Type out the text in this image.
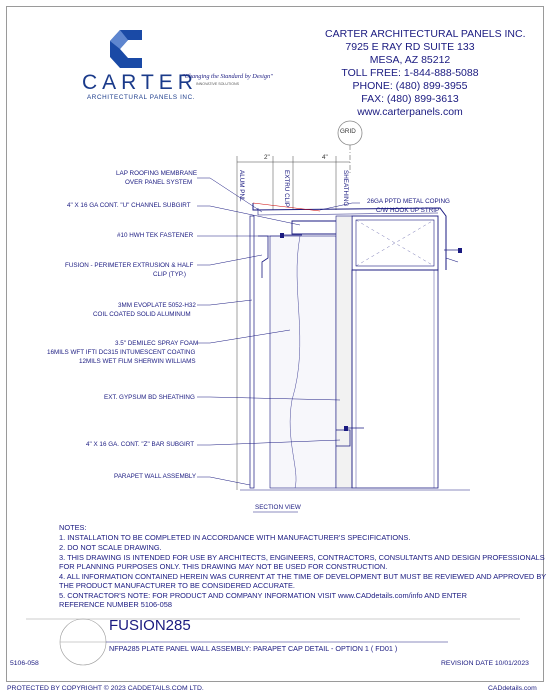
CARTER
ARCHITECTURAL PANELS INC.
"Changing the Standard by Design"
INNOVATIVE SOLUTIONS
CARTER ARCHITECTURAL PANELS INC.
7925 E RAY RD SUITE 133
MESA, AZ 85212
TOLL FREE: 1-844-888-5088
PHONE: (480) 899-3955
FAX: (480) 899-3613
www.carterpanels.com
GRID
2"	4"
ALUM PNL	EXTRU CLIP	SHEATHING
LAP ROOFING MEMBRANE
OVER PANEL SYSTEM
4" X 16 GA CONT. "U" CHANNEL SUBGIRT
#10 HWH TEK FASTENER
FUSION - PERIMETER EXTRUSION & HALF
CLIP (TYP.)
3MM EVOPLATE 5052-H32
COIL COATED SOLID ALUMINUM
3.5" DEMILEC SPRAY FOAM
16MILS WFT IFTI DC315 INTUMESCENT COATING
12MILS WET FILM SHERWIN WILLIAMS
EXT. GYPSUM BD SHEATHING
4" X 16 GA. CONT. "Z" BAR SUBGIRT
PARAPET WALL ASSEMBLY
26GA PPTD METAL COPING
C/W HOOK UP STRIP
SECTION VIEW
NOTES:
1. INSTALLATION TO BE COMPLETED IN ACCORDANCE WITH MANUFACTURER'S SPECIFICATIONS.
2. DO NOT SCALE DRAWING.
3. THIS DRAWING IS INTENDED FOR USE BY ARCHITECTS, ENGINEERS, CONTRACTORS, CONSULTANTS AND DESIGN PROFESSIONALS
FOR PLANNING PURPOSES ONLY. THIS DRAWING MAY NOT BE USED FOR CONSTRUCTION.
4. ALL INFORMATION CONTAINED HEREIN WAS CURRENT AT THE TIME OF DEVELOPMENT BUT MUST BE REVIEWED AND APPROVED BY
THE PRODUCT MANUFACTURER TO BE CONSIDERED ACCURATE.
5. CONTRACTOR'S NOTE: FOR PRODUCT AND COMPANY INFORMATION VISIT www.CADdetails.com/info AND ENTER
REFERENCE NUMBER 5106-058
FUSION285
NFPA285 PLATE PANEL WALL ASSEMBLY: PARAPET CAP DETAIL - OPTION 1 ( FD01 )
5106-058	REVISION DATE 10/01/2023
PROTECTED BY COPYRIGHT © 2023 CADDETAILS.COM LTD.	CADdetails.com
